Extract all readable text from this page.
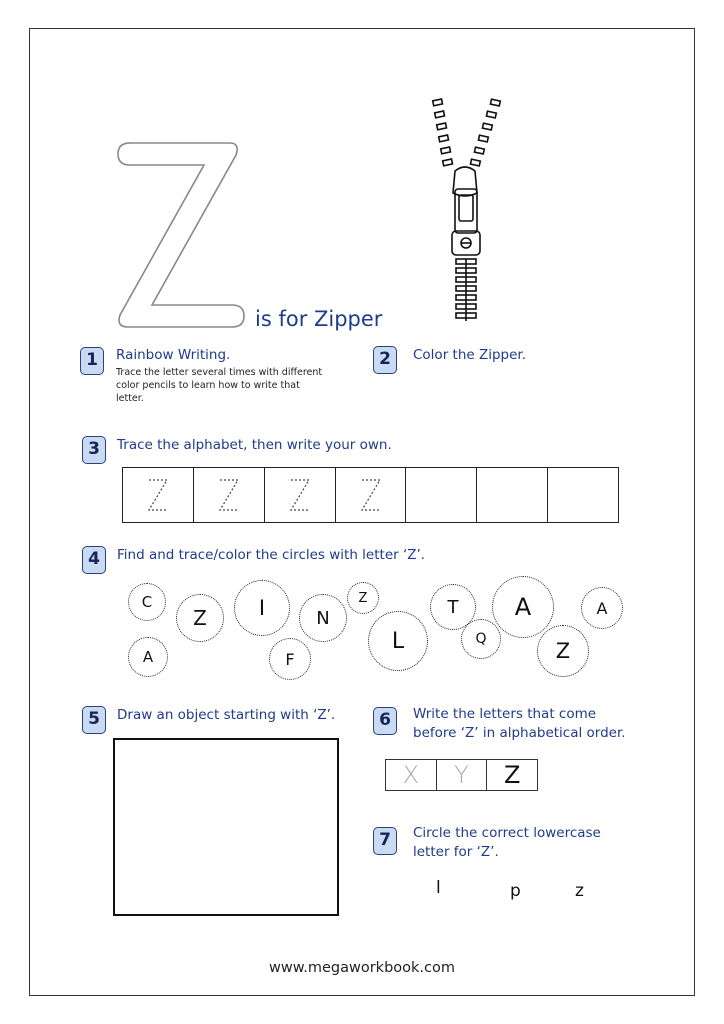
is for Zipper
1	Rainbow Writing.
Trace the letter several times with different
color pencils to learn how to write that
letter.
2	Color the Zipper.
3	Trace the alphabet, then write your own.
4	Find and trace/color the circles with letter ‘Z’.
C
Z	I	N
Z
L
T
Q
A
Z
A
A	F
5	Draw an object starting with ‘Z’.	6	Write the letters that come
before ‘Z’ in alphabetical order.
X	Y	Z
7	Circle the correct lowercase
letter for ‘Z’.
l	p	z
www.megaworkbook.com
